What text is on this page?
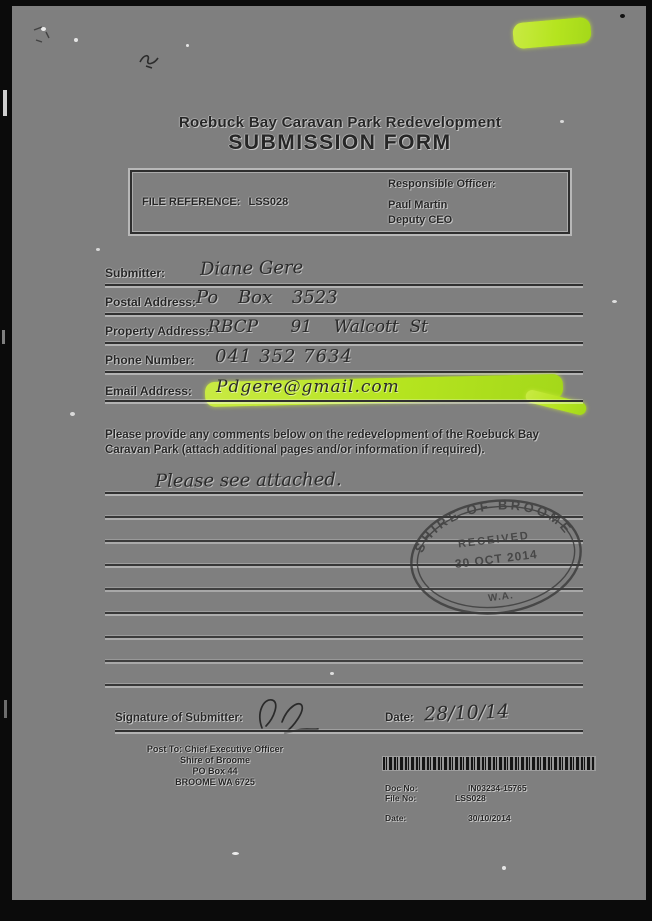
Roebuck Bay Caravan Park Redevelopment
SUBMISSION FORM
FILE REFERENCE: LSS028
Responsible Officer:
Paul Martin
Deputy CEO
Submitter: Diane Gere
Postal Address: Po Box 3523
Property Address:
RBCP      91    Walcott  St
Phone Number: 041 352 7634
Email Address: Pdgere@gmail.com
Please provide any comments below on the redevelopment of the Roebuck Bay Caravan Park (attach additional pages and/or information if required).
Please see attached.
SHIRE OF BROOME
RECEIVED
30 OCT 2014
W.A.
Signature of Submitter:	Date: 28/10/14
Post To: Chief Executive Officer
Shire of Broome
PO Box 44
BROOME WA 6725
Doc No:	IN03234-15765
File No:	LSS028
Date:	30/10/2014
